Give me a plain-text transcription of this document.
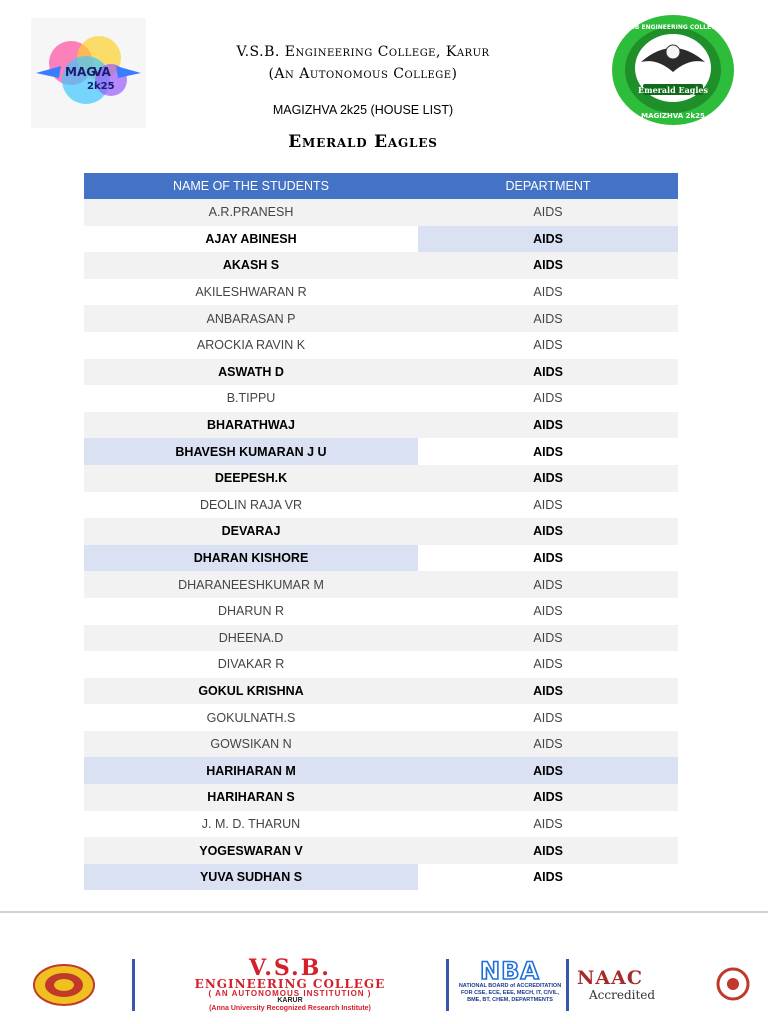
MAG
VA
2k25
V.S.B. Engineering College, Karur
(An Autonomous College)
MAGIZHVA 2k25 (HOUSE LIST)
Emerald Eagles
Emerald Eagles
VSB ENGINEERING COLLEGE
MAGIZHVA 2k25
NAME OF THE STUDENTS	DEPARTMENT
A.R.PRANESH	AIDS
AJAY ABINESH	AIDS
AKASH S	AIDS
AKILESHWARAN R	AIDS
ANBARASAN P	AIDS
AROCKIA RAVIN K	AIDS
ASWATH D	AIDS
B.TIPPU	AIDS
BHARATHWAJ	AIDS
BHAVESH KUMARAN J U	AIDS
DEEPESH.K	AIDS
DEOLIN RAJA VR	AIDS
DEVARAJ	AIDS
DHARAN KISHORE	AIDS
DHARANEESHKUMAR M	AIDS
DHARUN R	AIDS
DHEENA.D	AIDS
DIVAKAR R	AIDS
GOKUL KRISHNA	AIDS
GOKULNATH.S	AIDS
GOWSIKAN N	AIDS
HARIHARAN M	AIDS
HARIHARAN S	AIDS
J. M. D. THARUN	AIDS
YOGESWARAN V	AIDS
YUVA SUDHAN S	AIDS
V.S.B.
ENGINEERING COLLEGE
( AN AUTONOMOUS INSTITUTION )
KARUR
(Anna University Recognized Research Institute)
NBA
NATIONAL BOARD of ACCREDITATION FOR CSE, ECE, EEE, MECH, IT, CIVIL, BME, BT, CHEM, DEPARTMENTS
NAAC
Accredited
